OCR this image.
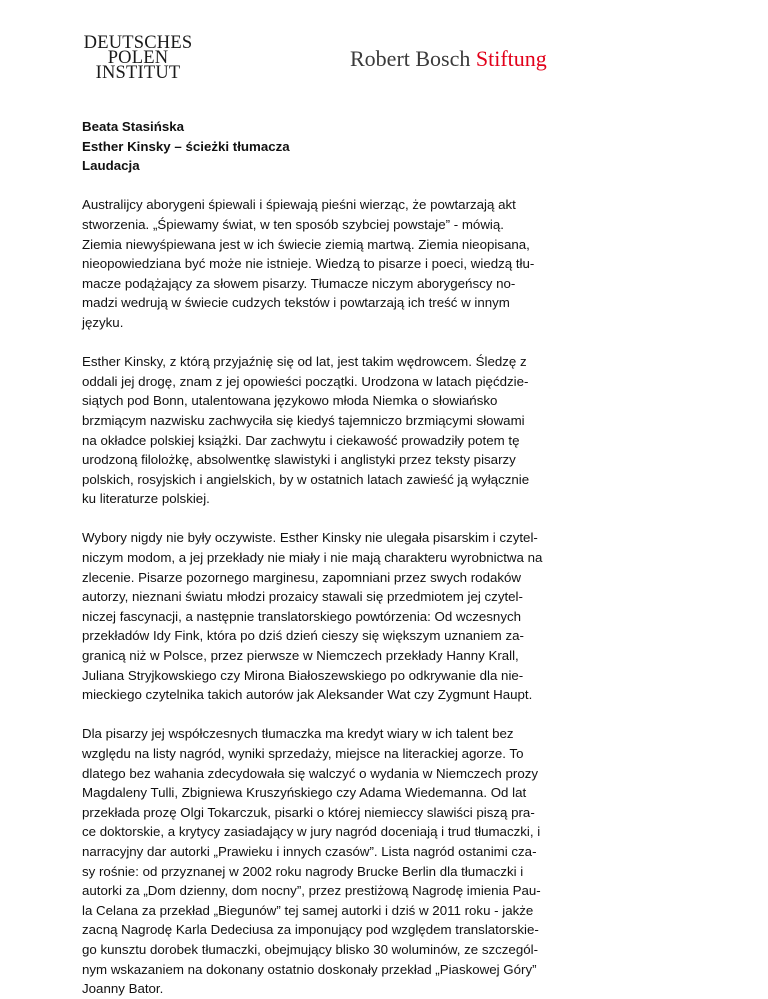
DEUTSCHES
POLEN
INSTITUT
Robert Bosch Stiftung
Beata Stasińska
Esther Kinsky – ścieżki tłumacza
Laudacja

Australijcy aborygeni śpiewali i śpiewają pieśni wierząc, że powtarzają akt
stworzenia. „Śpiewamy świat, w ten sposób szybciej powstaje” - mówią.
Ziemia niewyśpiewana jest w ich świecie ziemią martwą. Ziemia nieopisana,
nieopowiedziana być może nie istnieje. Wiedzą to pisarze i poeci, wiedzą tłu-
macze podążający za słowem pisarzy. Tłumacze niczym aborygeńscy no-
madzi wedrują w świecie cudzych tekstów i powtarzają ich treść w innym
języku.

Esther Kinsky, z którą przyjaźnię się od lat, jest takim wędrowcem. Śledzę z
oddali jej drogę, znam z jej opowieści początki. Urodzona w latach pięćdzie-
siątych pod Bonn, utalentowana językowo młoda Niemka o słowiańsko
brzmiącym nazwisku zachwyciła się kiedyś tajemniczo brzmiącymi słowami
na okładce polskiej książki. Dar zachwytu i ciekawość prowadziły potem tę
urodzoną filolożkę, absolwentkę slawistyki i anglistyki przez teksty pisarzy
polskich, rosyjskich i angielskich, by w ostatnich latach zawieść ją wyłącznie
ku literaturze polskiej.

Wybory nigdy nie były oczywiste. Esther Kinsky nie ulegała pisarskim i czytel-
niczym modom, a jej przekłady nie miały i nie mają charakteru wyrobnictwa na
zlecenie. Pisarze pozornego marginesu, zapomniani przez swych rodaków
autorzy, nieznani światu młodzi prozaicy stawali się przedmiotem jej czytel-
niczej fascynacji, a następnie translatorskiego powtórzenia: Od wczesnych
przekładów Idy Fink, która po dziś dzień cieszy się większym uznaniem za-
granicą niż w Polsce, przez pierwsze w Niemczech przekłady Hanny Krall,
Juliana Stryjkowskiego czy Mirona Białoszewskiego po odkrywanie dla nie-
mieckiego czytelnika takich autorów jak Aleksander Wat czy Zygmunt Haupt.

Dla pisarzy jej współczesnych tłumaczka ma kredyt wiary w ich talent bez
względu na listy nagród, wyniki sprzedaży, miejsce na literackiej agorze. To
dlatego bez wahania zdecydowała się walczyć o wydania w Niemczech prozy
Magdaleny Tulli, Zbigniewa Kruszyńskiego czy Adama Wiedemanna. Od lat
przekłada prozę Olgi Tokarczuk, pisarki o której niemieccy slawiści piszą pra-
ce doktorskie, a krytycy zasiadający w jury nagród doceniają i trud tłumaczki, i
narracyjny dar autorki „Prawieku i innych czasów”. Lista nagród ostanimi cza-
sy rośnie: od przyznanej w 2002 roku nagrody Brucke Berlin dla tłumaczki i
autorki za „Dom dzienny, dom nocny”, przez prestiżową Nagrodę imienia Pau-
la Celana za przekład „Biegunów” tej samej autorki i dziś w 2011 roku - jakże
zacną Nagrodę Karla Dedeciusa za imponujący pod względem translatorskie-
go kunsztu dorobek tłumaczki, obejmujący blisko 30 woluminów, ze szczegól-
nym wskazaniem na dokonany ostatnio doskonały przekład „Piaskowej Góry”
Joanny Bator.
